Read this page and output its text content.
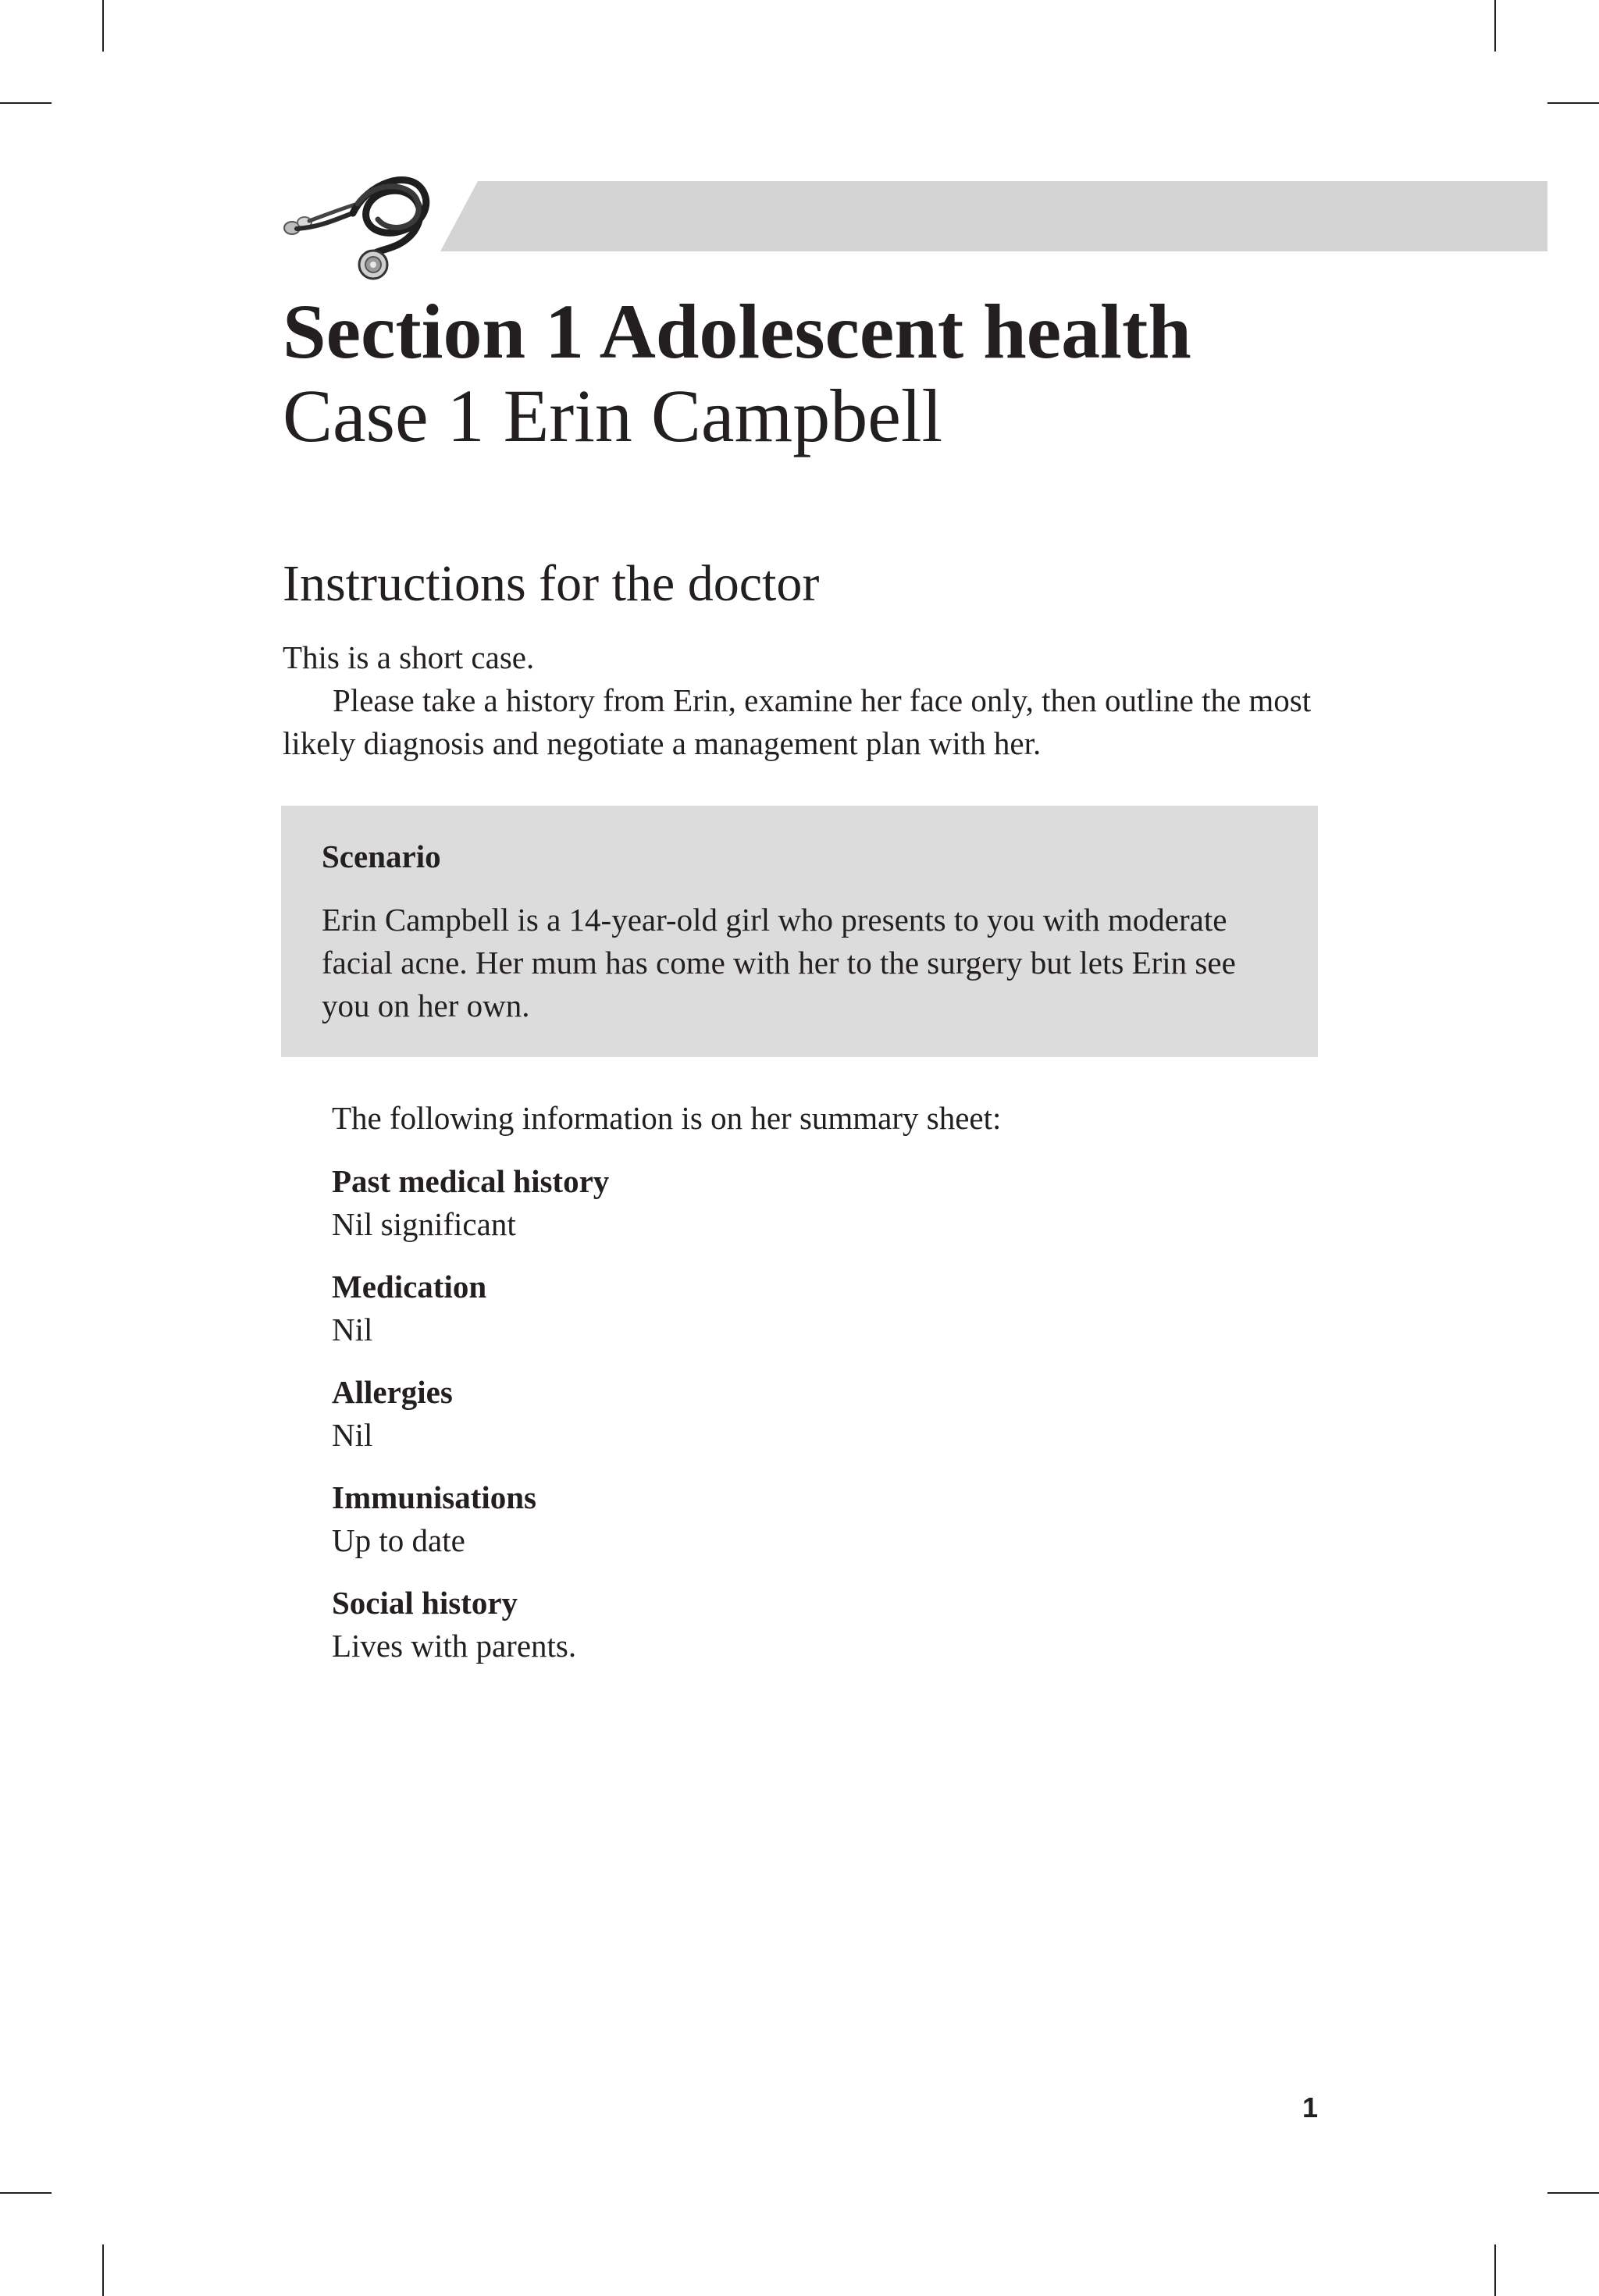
Section 1 Adolescent health
Case 1 Erin Campbell
Instructions for the doctor

This is a short case.

Please take a history from Erin, examine her face only, then outline the most likely diagnosis and negotiate a management plan with her.

Scenario

Erin Campbell is a 14-year-old girl who presents to you with moderate facial acne. Her mum has come with her to the surgery but lets Erin see you on her own.

The following information is on her summary sheet:

Past medical history
Nil significant
Medication
Nil
Allergies
Nil
Immunisations
Up to date
Social history
Lives with parents.
1
